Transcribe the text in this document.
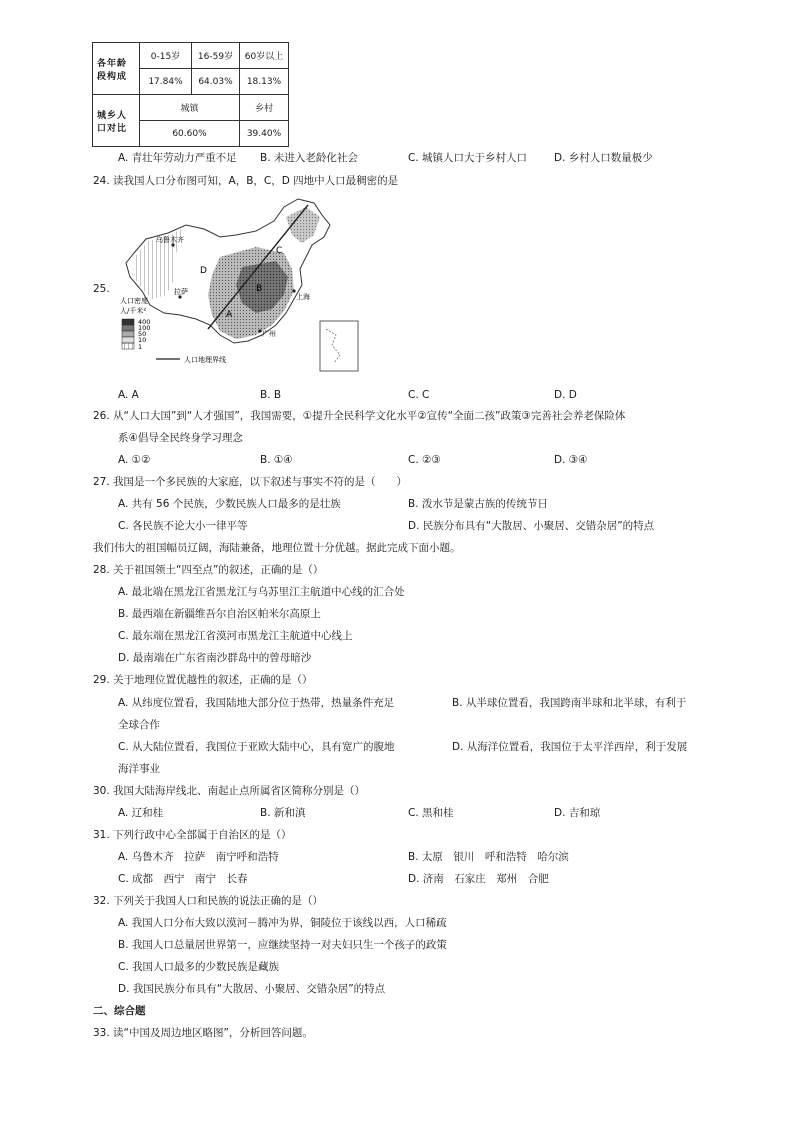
各年龄
段构成	0-15岁	16-59岁	60岁以上
	17.84%	64.03%	18.13%

城乡人
口对比	城镇		乡村
	60.60%		39.40%
A. 青壮年劳动力严重不足 B. 未进入老龄化社会	C. 城镇人口大于乡村人口	D. 乡村人口数量极少
24. 读我国人口分布图可知，A，B，C，D 四地中人口最稠密的是
25.
乌鲁木齐
拉萨
上海
广州
D
A
B
C
人口密度
人/千米²
400
100
50
10
1
人口地理界线
A. A	B. B	C. C	D. D
26. 从“人口大国”到“人才强国”，我国需要，①提升全民科学文化水平②宣传“全面二孩”政策③完善社会养老保险体
系④倡导全民终身学习理念
A. ①②	B. ①④	C. ②③	D. ③④
27. 我国是一个多民族的大家庭，以下叙述与事实不符的是（　　）
A. 共有 56 个民族，少数民族人口最多的是壮族	B. 泼水节是蒙古族的传统节日
C. 各民族不论大小一律平等	D. 民族分布具有“大散居、小聚居、交错杂居”的特点
我们伟大的祖国幅员辽阔，海陆兼备，地理位置十分优越。据此完成下面小题。
28. 关于祖国领土“四至点”的叙述，正确的是（）
A. 最北端在黑龙江省黑龙江与乌苏里江主航道中心线的汇合处
B. 最西端在新疆维吾尔自治区帕米尔高原上
C. 最东端在黑龙江省漠河市黑龙江主航道中心线上
D. 最南端在广东省南沙群岛中的曾母暗沙
29. 关于地理位置优越性的叙述，正确的是（）
A. 从纬度位置看，我国陆地大部分位于热带，热量条件充足	B. 从半球位置看，我国跨南半球和北半球，有利于
全球合作
C. 从大陆位置看，我国位于亚欧大陆中心，具有宽广的腹地	D. 从海洋位置看，我国位于太平洋西岸，利于发展
海洋事业
30. 我国大陆海岸线北、南起止点所属省区简称分别是（）
A. 辽和桂	B. 新和滇	C. 黑和桂	D. 吉和琼
31. 下列行政中心全部属于自治区的是（）
A. 乌鲁木齐　拉萨　南宁呼和浩特	B. 太原　银川　呼和浩特　哈尔滨
C. 成都　西宁　南宁　长春	D. 济南　石家庄　郑州　合肥
32. 下列关于我国人口和民族的说法正确的是（）
A. 我国人口分布大致以漠河－腾冲为界，铜陵位于该线以西，人口稀疏
B. 我国人口总量居世界第一，应继续坚持一对夫妇只生一个孩子的政策
C. 我国人口最多的少数民族是藏族
D. 我国民族分布具有“大散居、小聚居、交错杂居”的特点
二、综合题
33. 读“中国及周边地区略图”，分析回答问题。
